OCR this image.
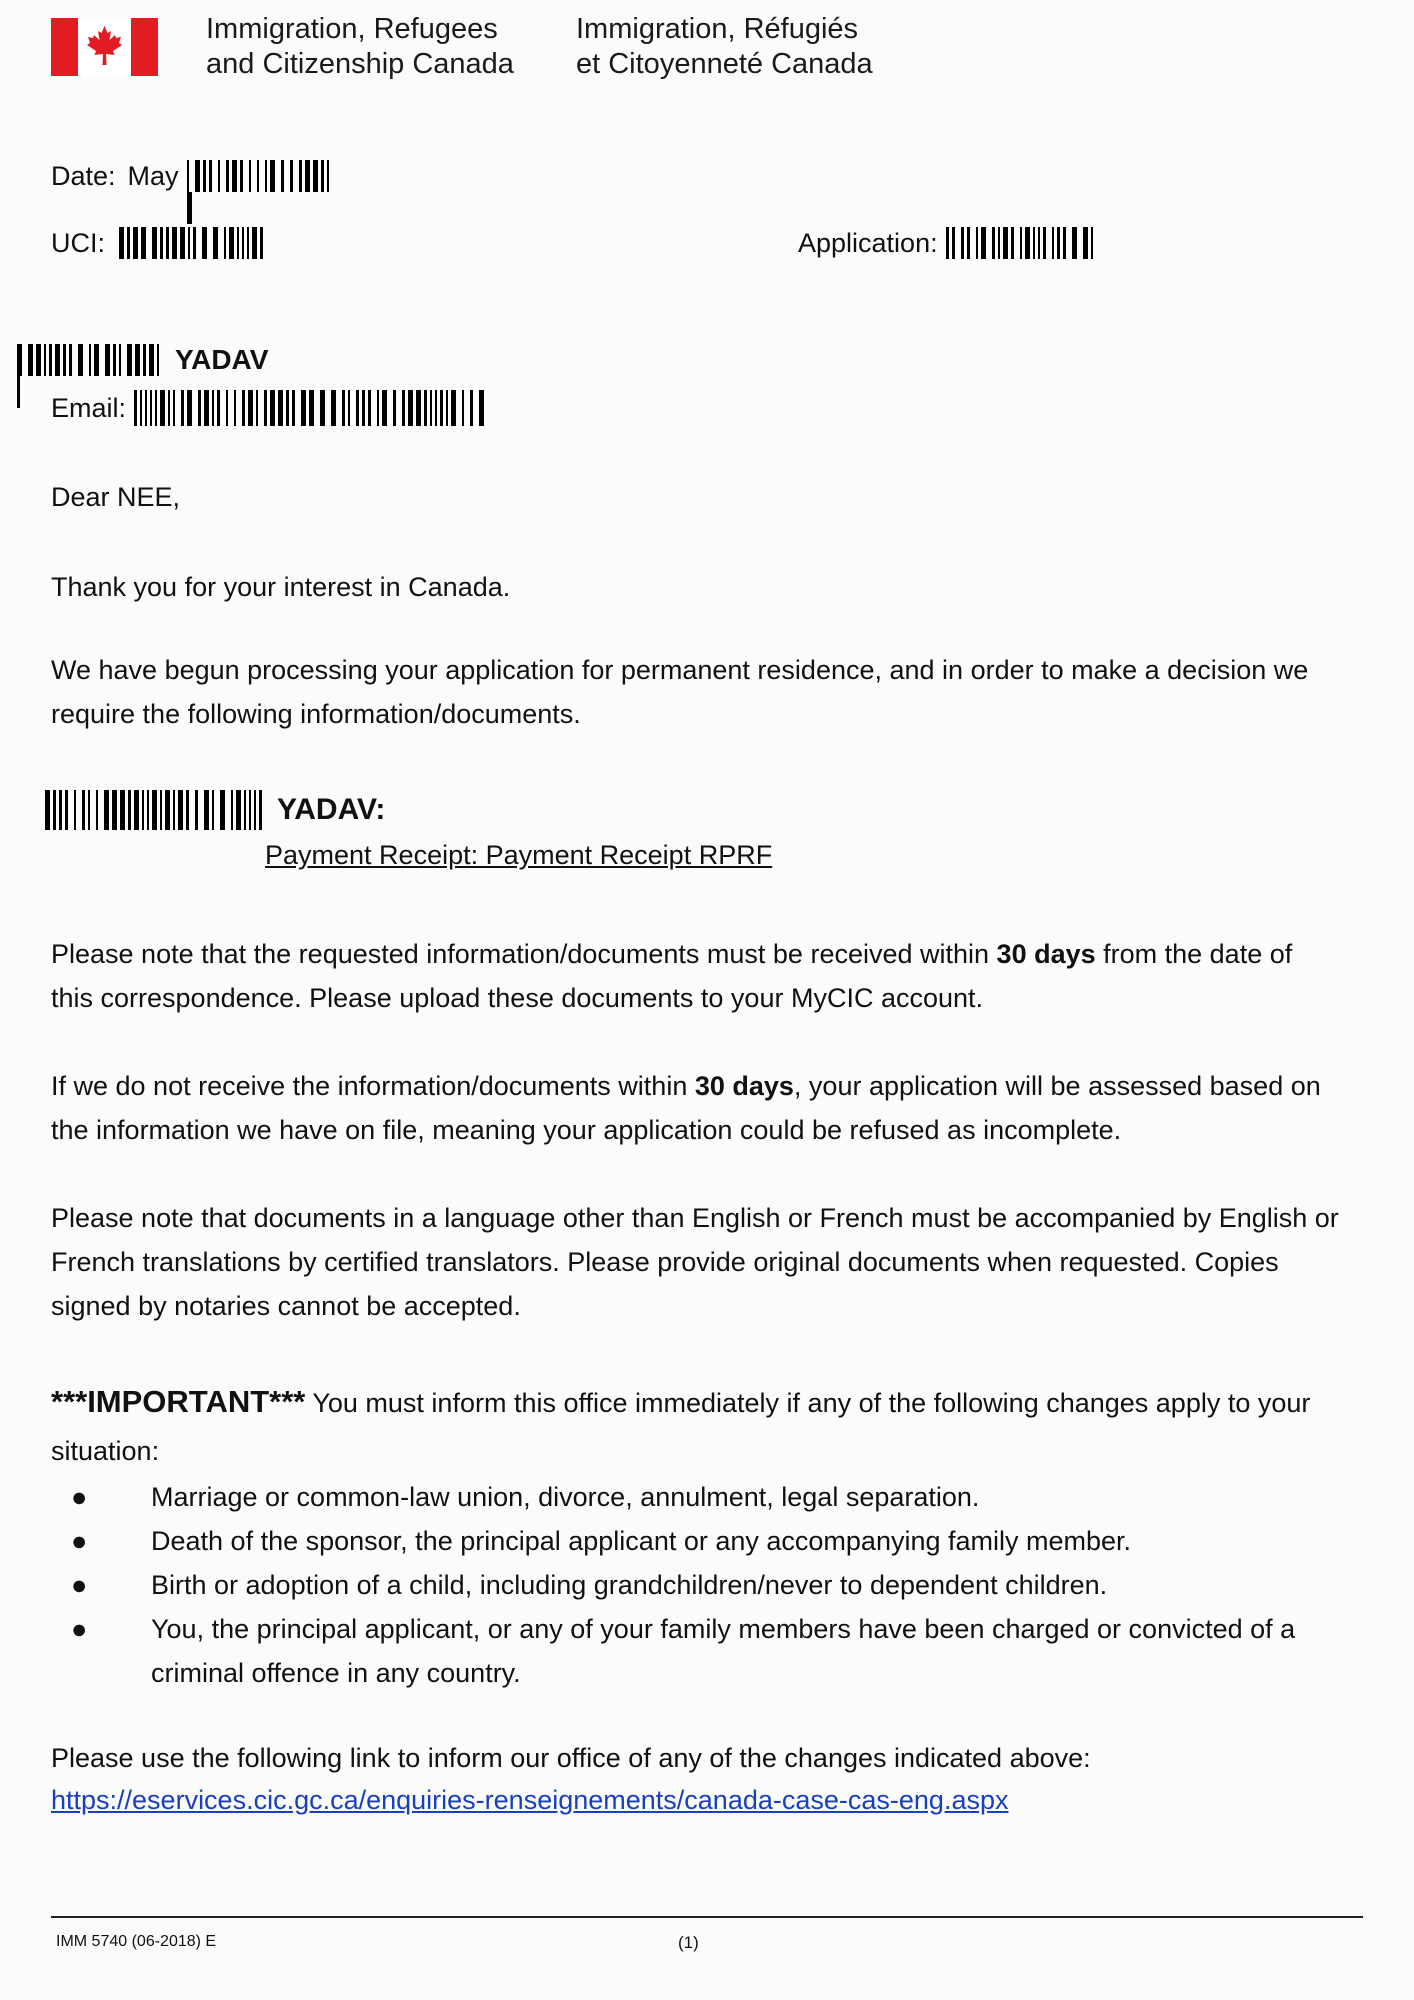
Immigration, Refugees
and Citizenship Canada
Immigration, Réfugiés
et Citoyenneté Canada
Date: May
UCI:	Application:
YADAV
Email:
Dear NEE,
Thank you for your interest in Canada.
We have begun processing your application for permanent residence, and in order to make a decision we require the following information/documents.
YADAV:
Payment Receipt: Payment Receipt RPRF
Please note that the requested information/documents must be received within 30 days from the date of this correspondence. Please upload these documents to your MyCIC account.
If we do not receive the information/documents within 30 days, your application will be assessed based on the information we have on file, meaning your application could be refused as incomplete.
Please note that documents in a language other than English or French must be accompanied by English or French translations by certified translators. Please provide original documents when requested. Copies signed by notaries cannot be accepted.
***IMPORTANT*** You must inform this office immediately if any of the following changes apply to your situation:
● Marriage or common-law union, divorce, annulment, legal separation.
● Death of the sponsor, the principal applicant or any accompanying family member.
● Birth or adoption of a child, including grandchildren/never to dependent children.
● You, the principal applicant, or any of your family members have been charged or convicted of a criminal offence in any country.
Please use the following link to inform our office of any of the changes indicated above:
https://eservices.cic.gc.ca/enquiries-renseignements/canada-case-cas-eng.aspx
IMM 5740 (06-2018) E	(1)
